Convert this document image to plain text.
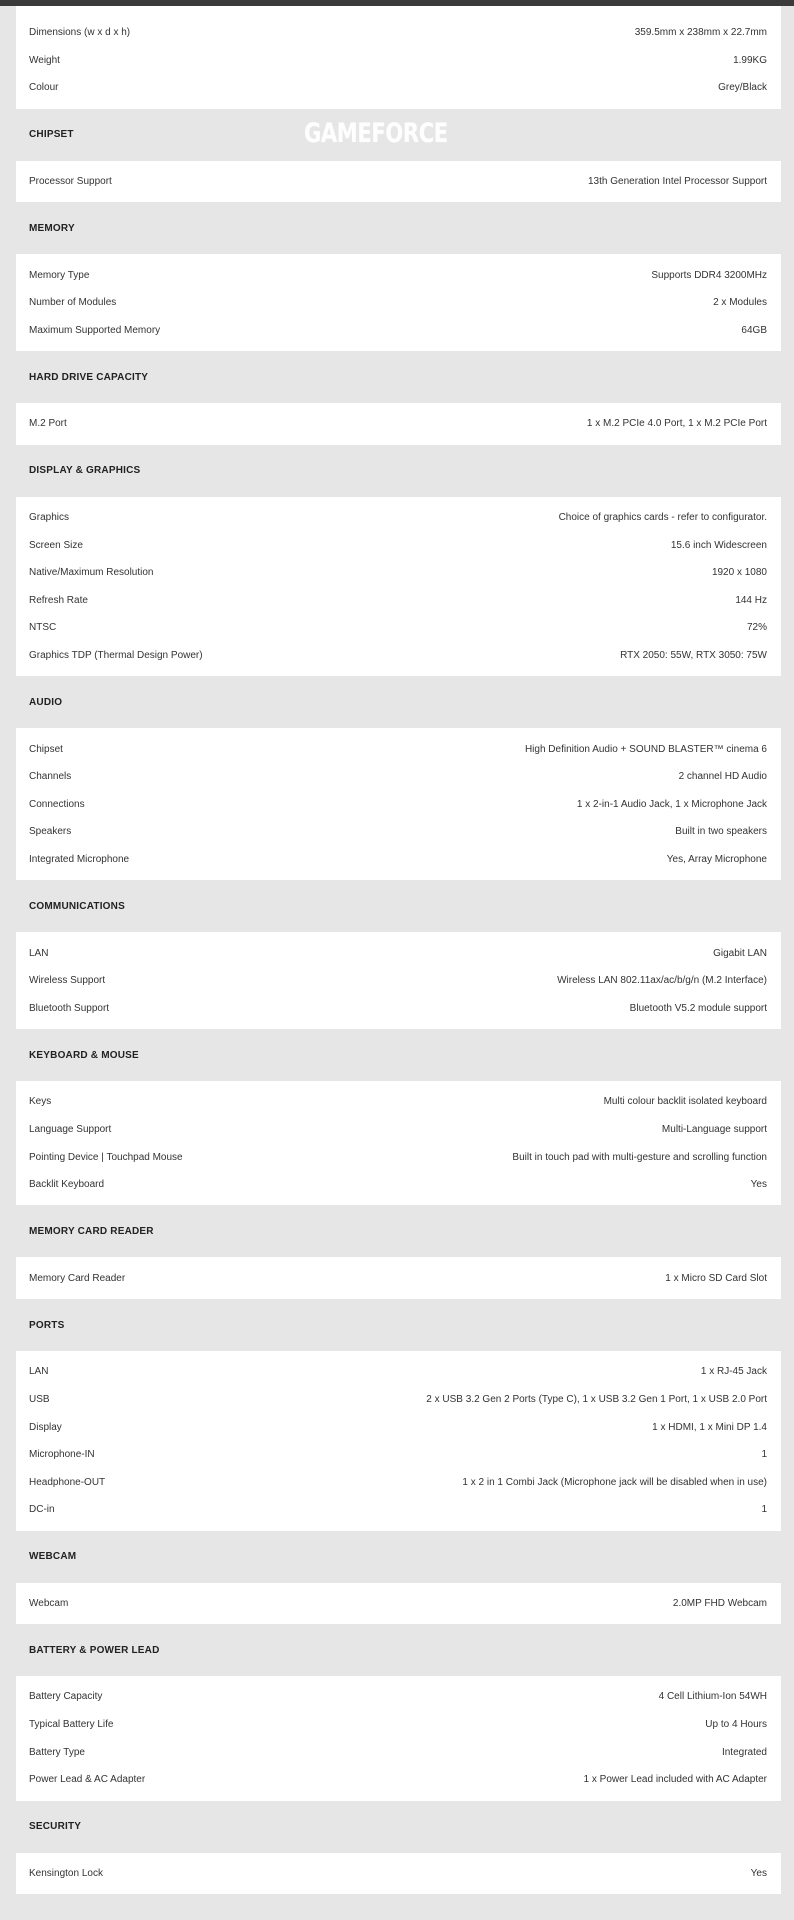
Dimensions (w x d x h)	359.5mm x 238mm x 22.7mm
Weight	1.99KG
Colour	Grey/Black
CHIPSET
Processor Support	13th Generation Intel Processor Support
MEMORY
Memory Type	Supports DDR4 3200MHz
Number of Modules	2 x Modules
Maximum Supported Memory	64GB
HARD DRIVE CAPACITY
M.2 Port	1 x M.2 PCIe 4.0 Port, 1 x M.2 PCIe Port
DISPLAY & GRAPHICS
Graphics	Choice of graphics cards - refer to configurator.
Screen Size	15.6 inch Widescreen
Native/Maximum Resolution	1920 x 1080
Refresh Rate	144 Hz
NTSC	72%
Graphics TDP (Thermal Design Power)	RTX 2050: 55W, RTX 3050: 75W
AUDIO
Chipset	High Definition Audio + SOUND BLASTER™ cinema 6
Channels	2 channel HD Audio
Connections	1 x 2-in-1 Audio Jack, 1 x Microphone Jack
Speakers	Built in two speakers
Integrated Microphone	Yes, Array Microphone
COMMUNICATIONS
LAN	Gigabit LAN
Wireless Support	Wireless LAN 802.11ax/ac/b/g/n (M.2 Interface)
Bluetooth Support	Bluetooth V5.2 module support
KEYBOARD & MOUSE
Keys	Multi colour backlit isolated keyboard
Language Support	Multi-Language support
Pointing Device | Touchpad Mouse	Built in touch pad with multi-gesture and scrolling function
Backlit Keyboard	Yes
MEMORY CARD READER
Memory Card Reader	1 x Micro SD Card Slot
PORTS
LAN	1 x RJ-45 Jack
USB	2 x USB 3.2 Gen 2 Ports (Type C), 1 x USB 3.2 Gen 1 Port, 1 x USB 2.0 Port
Display	1 x HDMI, 1 x Mini DP 1.4
Microphone-IN	1
Headphone-OUT	1 x 2 in 1 Combi Jack (Microphone jack will be disabled when in use)
DC-in	1
WEBCAM
Webcam	2.0MP FHD Webcam
BATTERY & POWER LEAD
Battery Capacity	4 Cell Lithium-Ion 54WH
Typical Battery Life	Up to 4 Hours
Battery Type	Integrated
Power Lead & AC Adapter	1 x Power Lead included with AC Adapter
SECURITY
Kensington Lock	Yes
GAMEFORCE
